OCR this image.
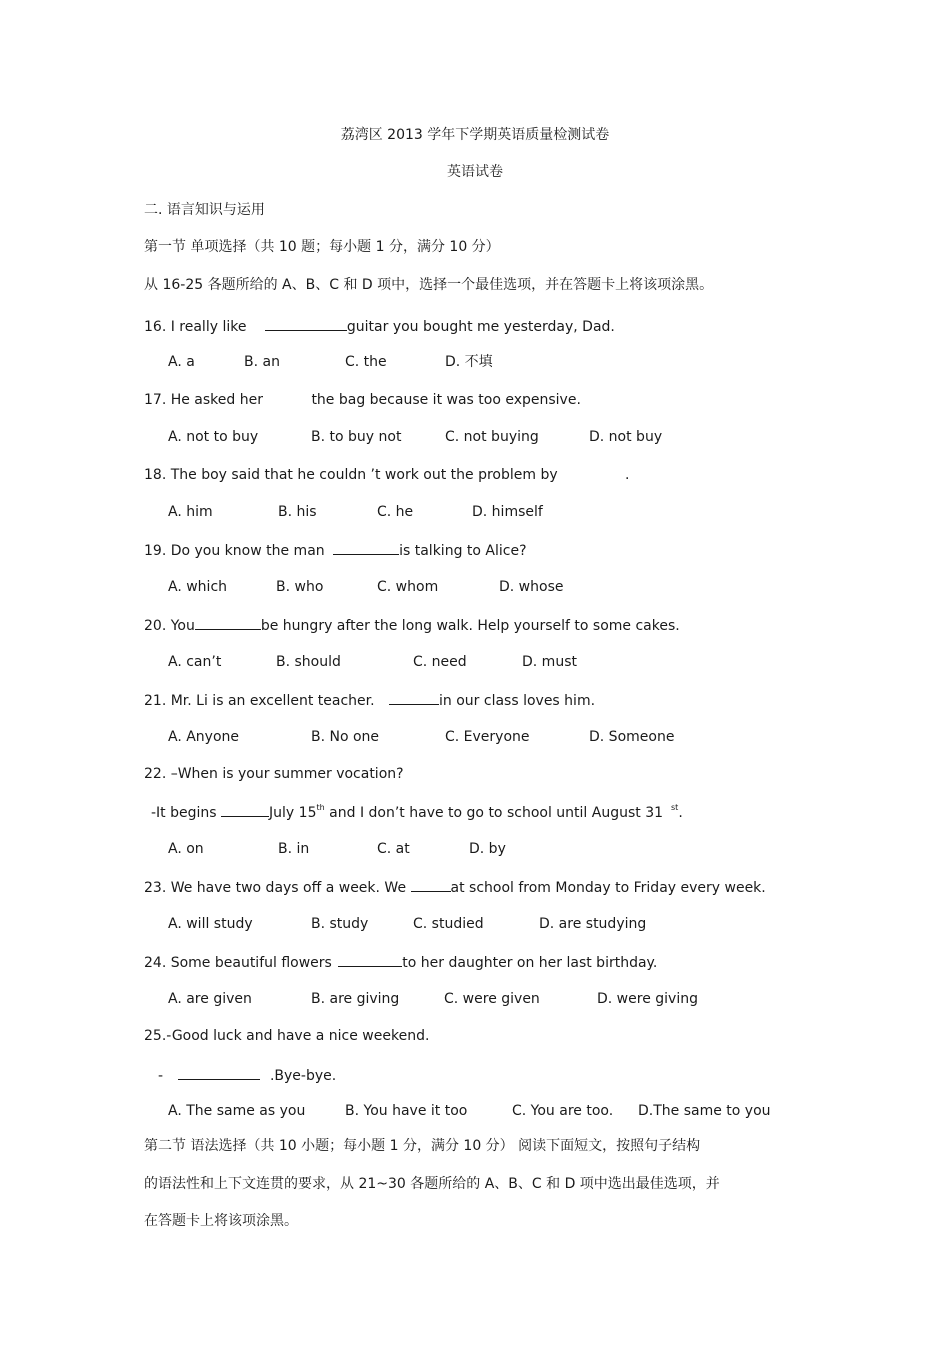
荔湾区 2013 学年下学期英语质量检测试卷
英语试卷
二. 语言知识与运用
第一节 单项选择（共 10 题；每小题 1 分，满分 10 分）
从 16-25 各题所给的 A、B、C 和 D 项中，选择一个最佳选项，并在答题卡上将该项涂黑。
16. I really like	guitar you bought me yesterday, Dad.
A. a	B. an	C. the	D. 不填
17. He asked her	the bag because it was too expensive.
A. not to buy	B. to buy not	C. not buying	D. not buy
18. The boy said that he couldn ’t work out the problem by	.
A. him	B. his	C. he	D. himself
19. Do you know the man	is talking to Alice?
A. which	B. who	C. whom	D. whose
20. You	be hungry after the long walk. Help yourself to some cakes.
A. can’t	B. should	C. need	D. must
21. Mr. Li is an excellent teacher.	in our class loves him.
A. Anyone	B. No one	C. Everyone	D. Someone
22. –When is your summer vocation?
-It begins	July 15th and I don’t have to go to school until August 31 $^{st}$.
A. on	B. in	C. at	D. by
23. We have two days off a week. We	at school from Monday to Friday every week.
A. will study	B. study	C. studied	D. are studying
24. Some beautiful flowers	to her daughter on her last birthday.
A. are given	B. are giving	C. were given	D. were giving
25.-Good luck and have a nice weekend.
-	.Bye-bye.
A. The same as you	B. You have it too	C. You are too. D.The same to you
第二节 语法选择（共 10 小题；每小题 1 分，满分 10 分） 阅读下面短文，按照句子结构
的语法性和上下文连贯的要求，从 21~30 各题所给的 A、B、C 和 D 项中选出最佳选项，并
在答题卡上将该项涂黑。
